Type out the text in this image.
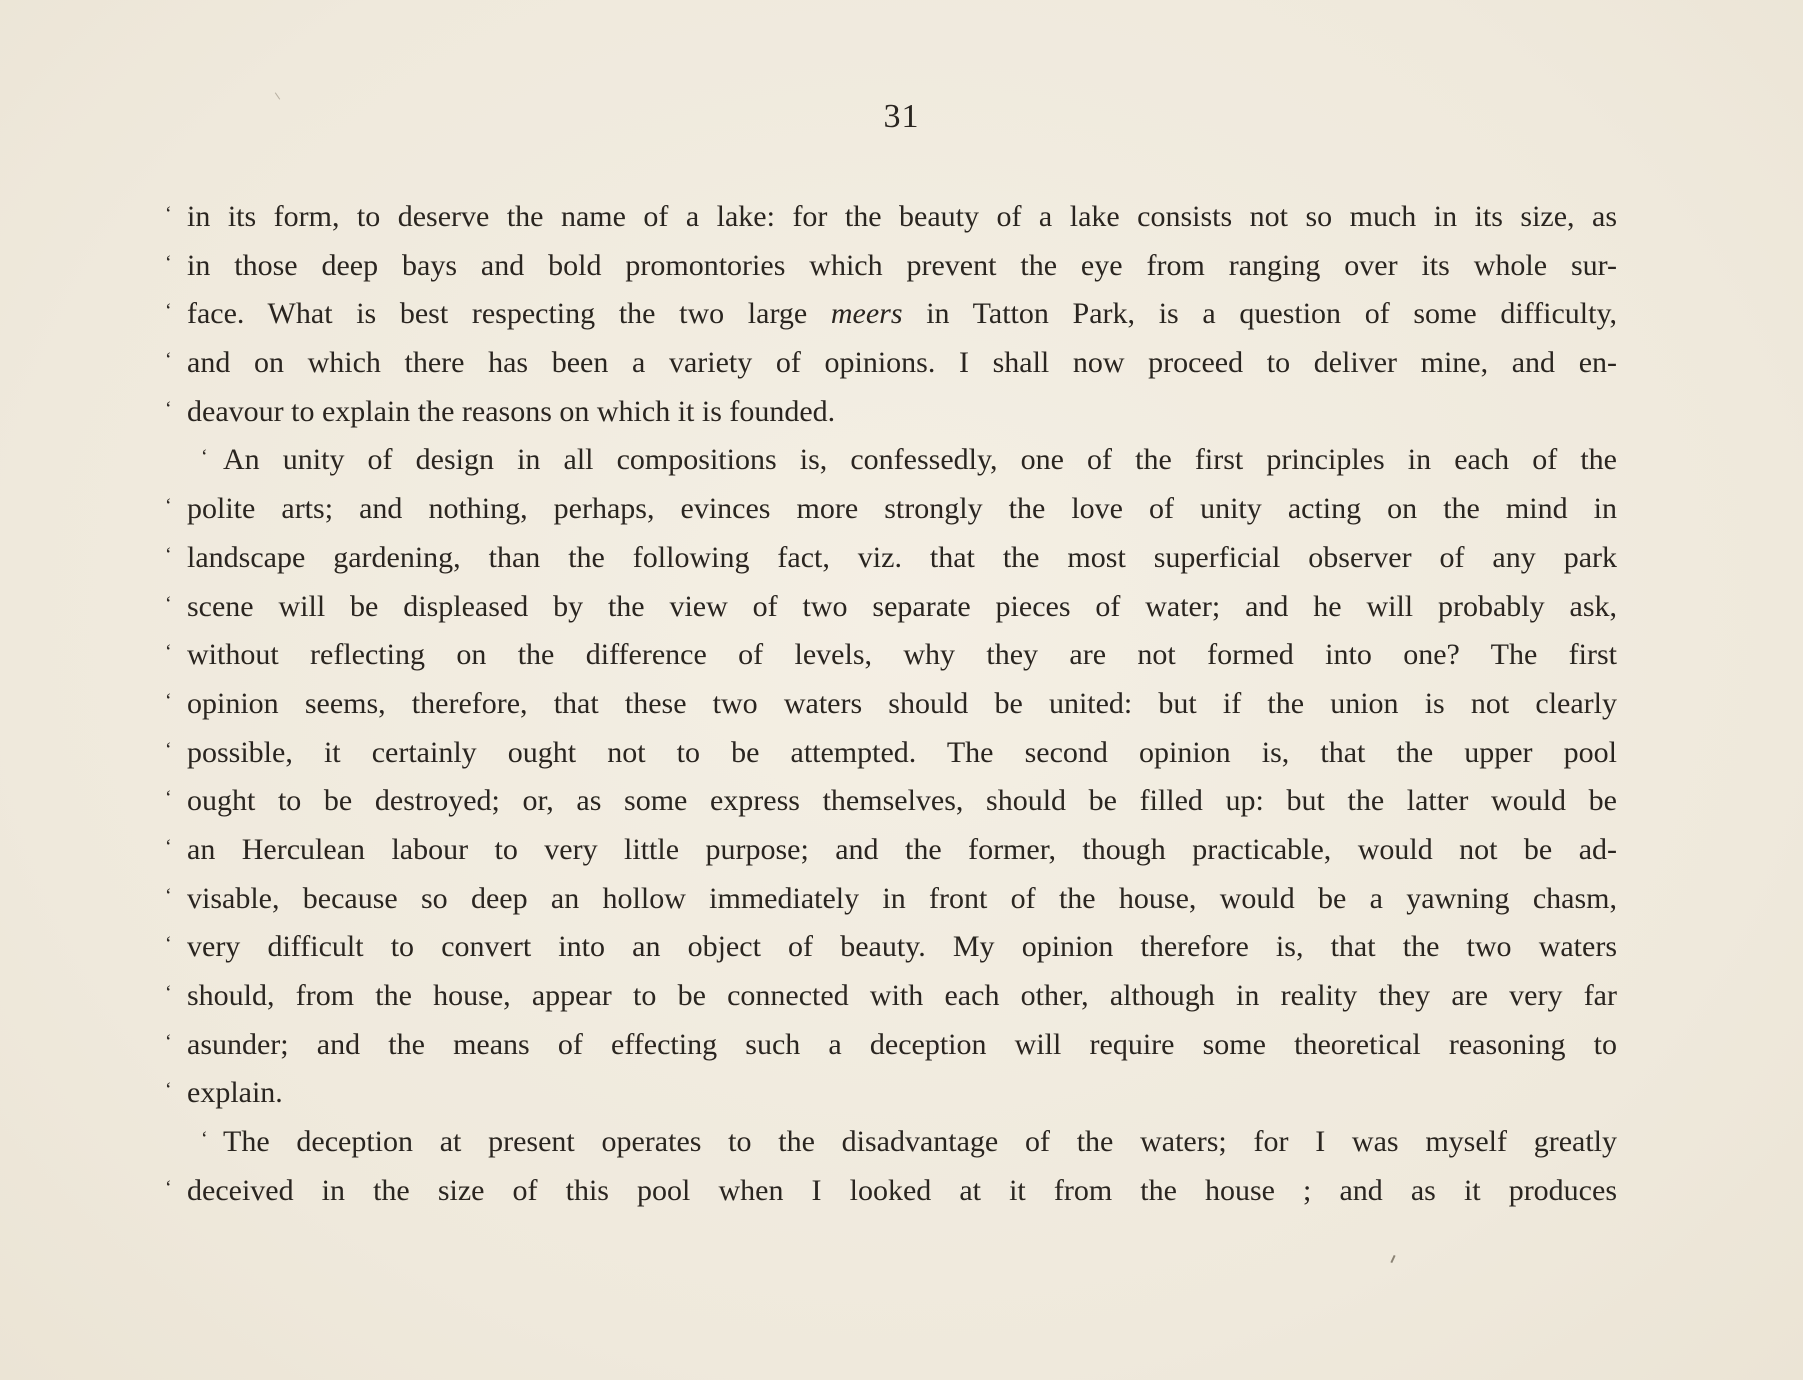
31
‘ in its form, to deserve the name of a lake: for the beauty of a lake consists not so much in its size, as
‘ in those deep bays and bold promontories which prevent the eye from ranging over its whole sur-
‘ face. What is best respecting the two large meers in Tatton Park, is a question of some difficulty,
‘ and on which there has been a variety of opinions. I shall now proceed to deliver mine, and en-
‘ deavour to explain the reasons on which it is founded.
‘ An unity of design in all compositions is, confessedly, one of the first principles in each of the
‘ polite arts; and nothing, perhaps, evinces more strongly the love of unity acting on the mind in
‘ landscape gardening, than the following fact, viz. that the most superficial observer of any park
‘ scene will be displeased by the view of two separate pieces of water; and he will probably ask,
‘ without reflecting on the difference of levels, why they are not formed into one? The first
‘ opinion seems, therefore, that these two waters should be united: but if the union is not clearly
‘ possible, it certainly ought not to be attempted. The second opinion is, that the upper pool
‘ ought to be destroyed; or, as some express themselves, should be filled up: but the latter would be
‘ an Herculean labour to very little purpose; and the former, though practicable, would not be ad-
‘ visable, because so deep an hollow immediately in front of the house, would be a yawning chasm,
‘ very difficult to convert into an object of beauty. My opinion therefore is, that the two waters
‘ should, from the house, appear to be connected with each other, although in reality they are very far
‘ asunder; and the means of effecting such a deception will require some theoretical reasoning to
‘ explain.
‘ The deception at present operates to the disadvantage of the waters; for I was myself greatly
‘ deceived in the size of this pool when I looked at it from the house ; and as it produces
